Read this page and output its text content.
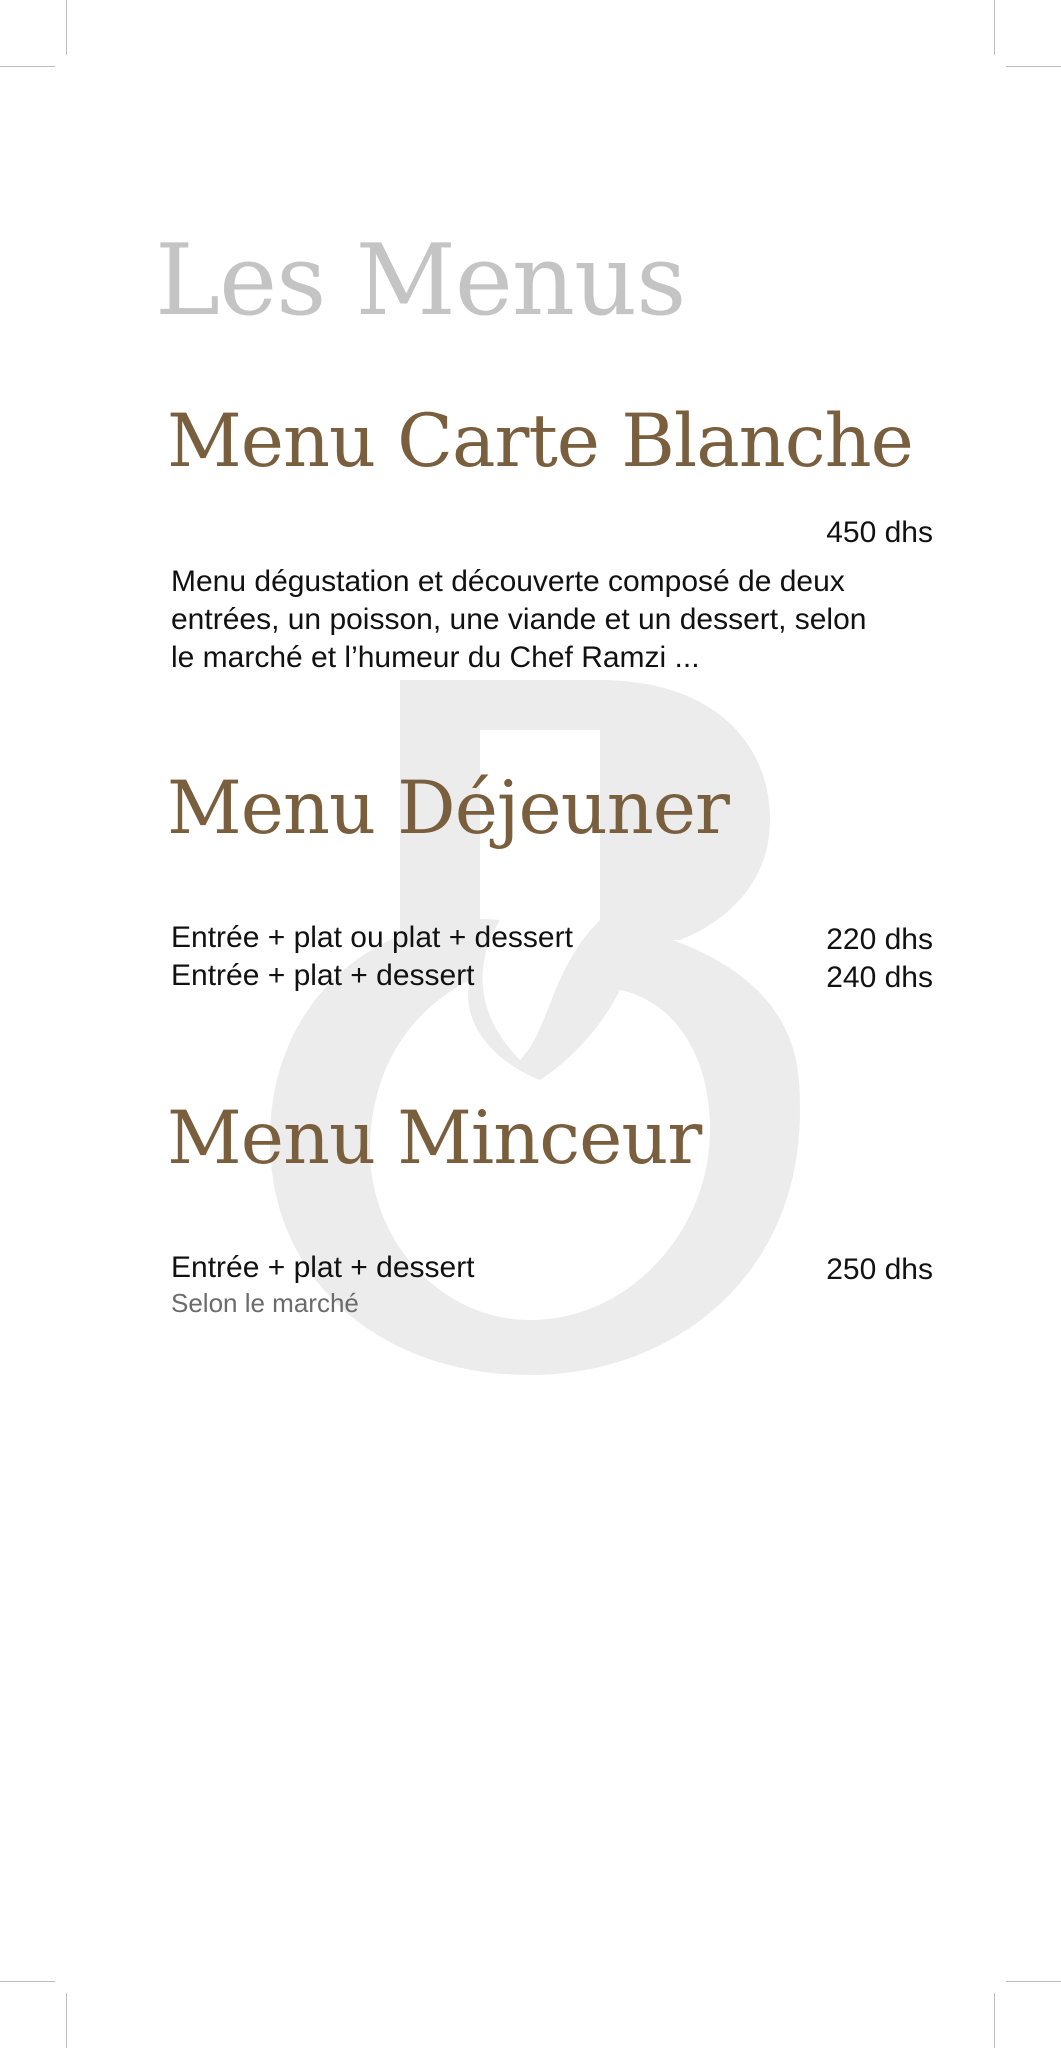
Les Menus
Menu Carte Blanche
450 dhs

Menu dégustation et découverte composé de deux

entrées, un poisson, une viande et un dessert, selon

le marché et l’humeur du Chef Ramzi ...

Menu Déjeuner
Entrée + plat ou plat + dessert	220 dhs
Entrée + plat + dessert	240 dhs
Menu Minceur
Entrée + plat + dessert	250 dhs
Selon le marché
